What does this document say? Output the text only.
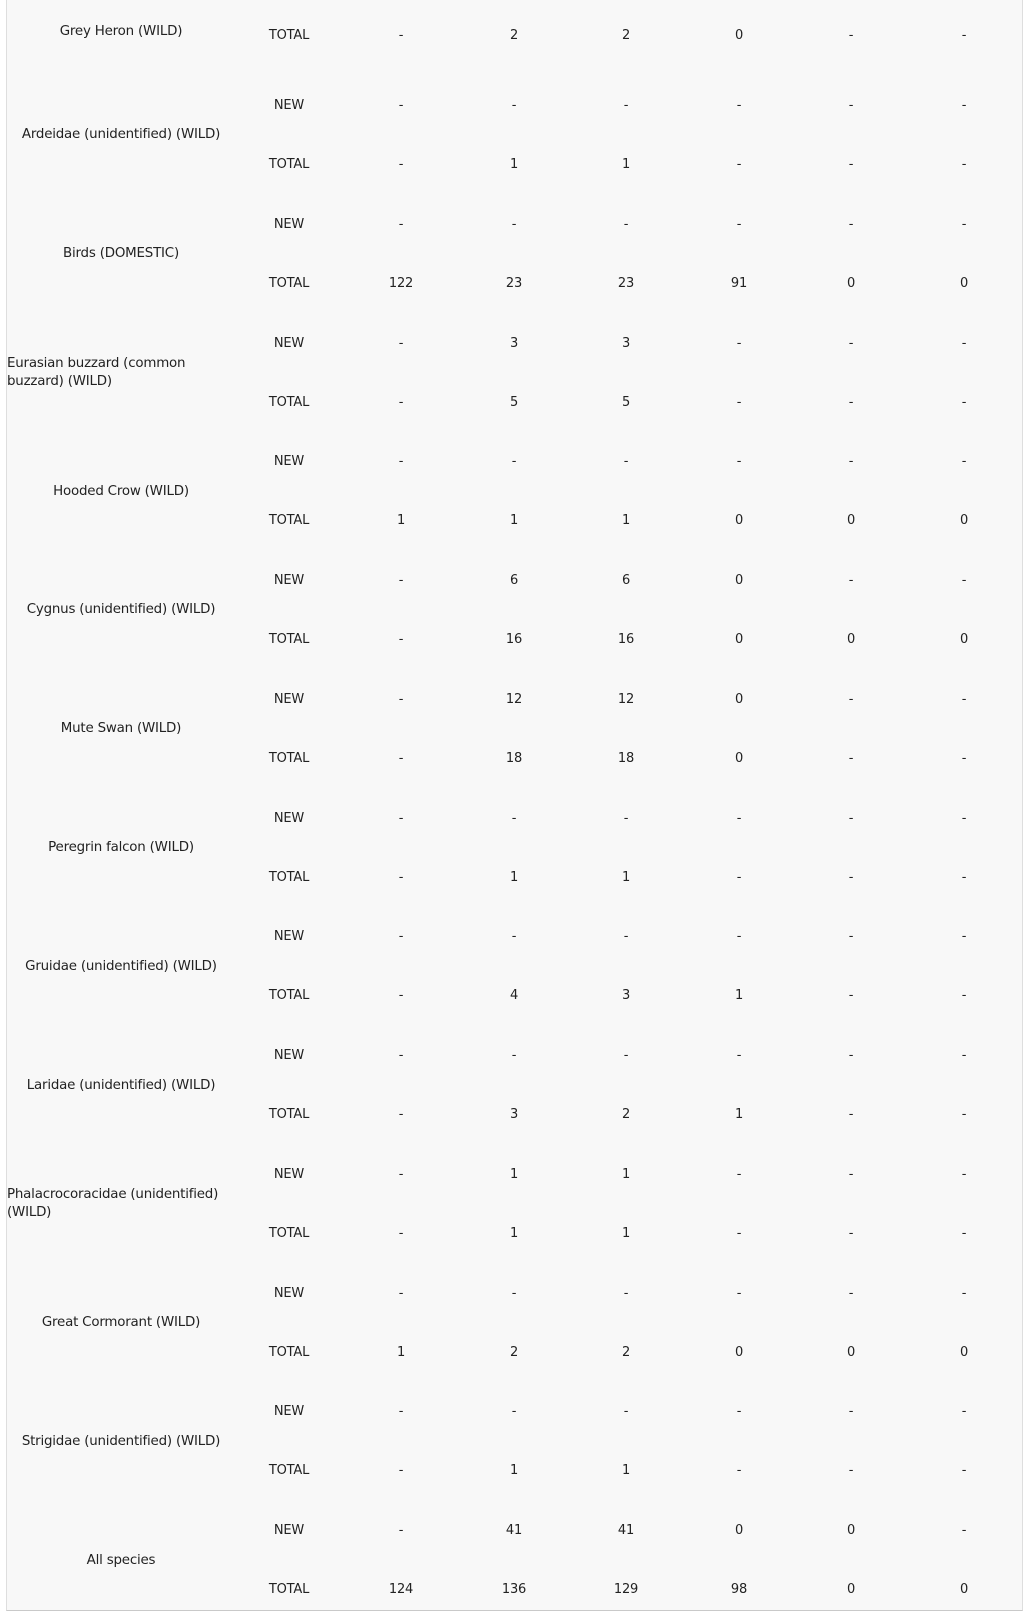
Grey Heron (WILD)	TOTAL	-	2	2	0	-	-
Ardeidae (unidentified) (WILD)
NEW	-	-	-	-	-	-
TOTAL	-	1	1	-	-	-
Birds (DOMESTIC)
NEW	-	-	-	-	-	-
TOTAL	122	23	23	91	0	0
Eurasian buzzard (common buzzard) (WILD)
NEW	-	3	3	-	-	-
TOTAL	-	5	5	-	-	-
Hooded Crow (WILD)
NEW	-	-	-	-	-	-
TOTAL	1	1	1	0	0	0
Cygnus (unidentified) (WILD)
NEW	-	6	6	0	-	-
TOTAL	-	16	16	0	0	0
Mute Swan (WILD)
NEW	-	12	12	0	-	-
TOTAL	-	18	18	0	-	-
Peregrin falcon (WILD)
NEW	-	-	-	-	-	-
TOTAL	-	1	1	-	-	-
Gruidae (unidentified) (WILD)
NEW	-	-	-	-	-	-
TOTAL	-	4	3	1	-	-
Laridae (unidentified) (WILD)
NEW	-	-	-	-	-	-
TOTAL	-	3	2	1	-	-
Phalacrocoracidae (unidentified) (WILD)
NEW	-	1	1	-	-	-
TOTAL	-	1	1	-	-	-
Great Cormorant (WILD)
NEW	-	-	-	-	-	-
TOTAL	1	2	2	0	0	0
Strigidae (unidentified) (WILD)
NEW	-	-	-	-	-	-
TOTAL	-	1	1	-	-	-
All species
NEW	-	41	41	0	0	-
TOTAL	124	136	129	98	0	0
